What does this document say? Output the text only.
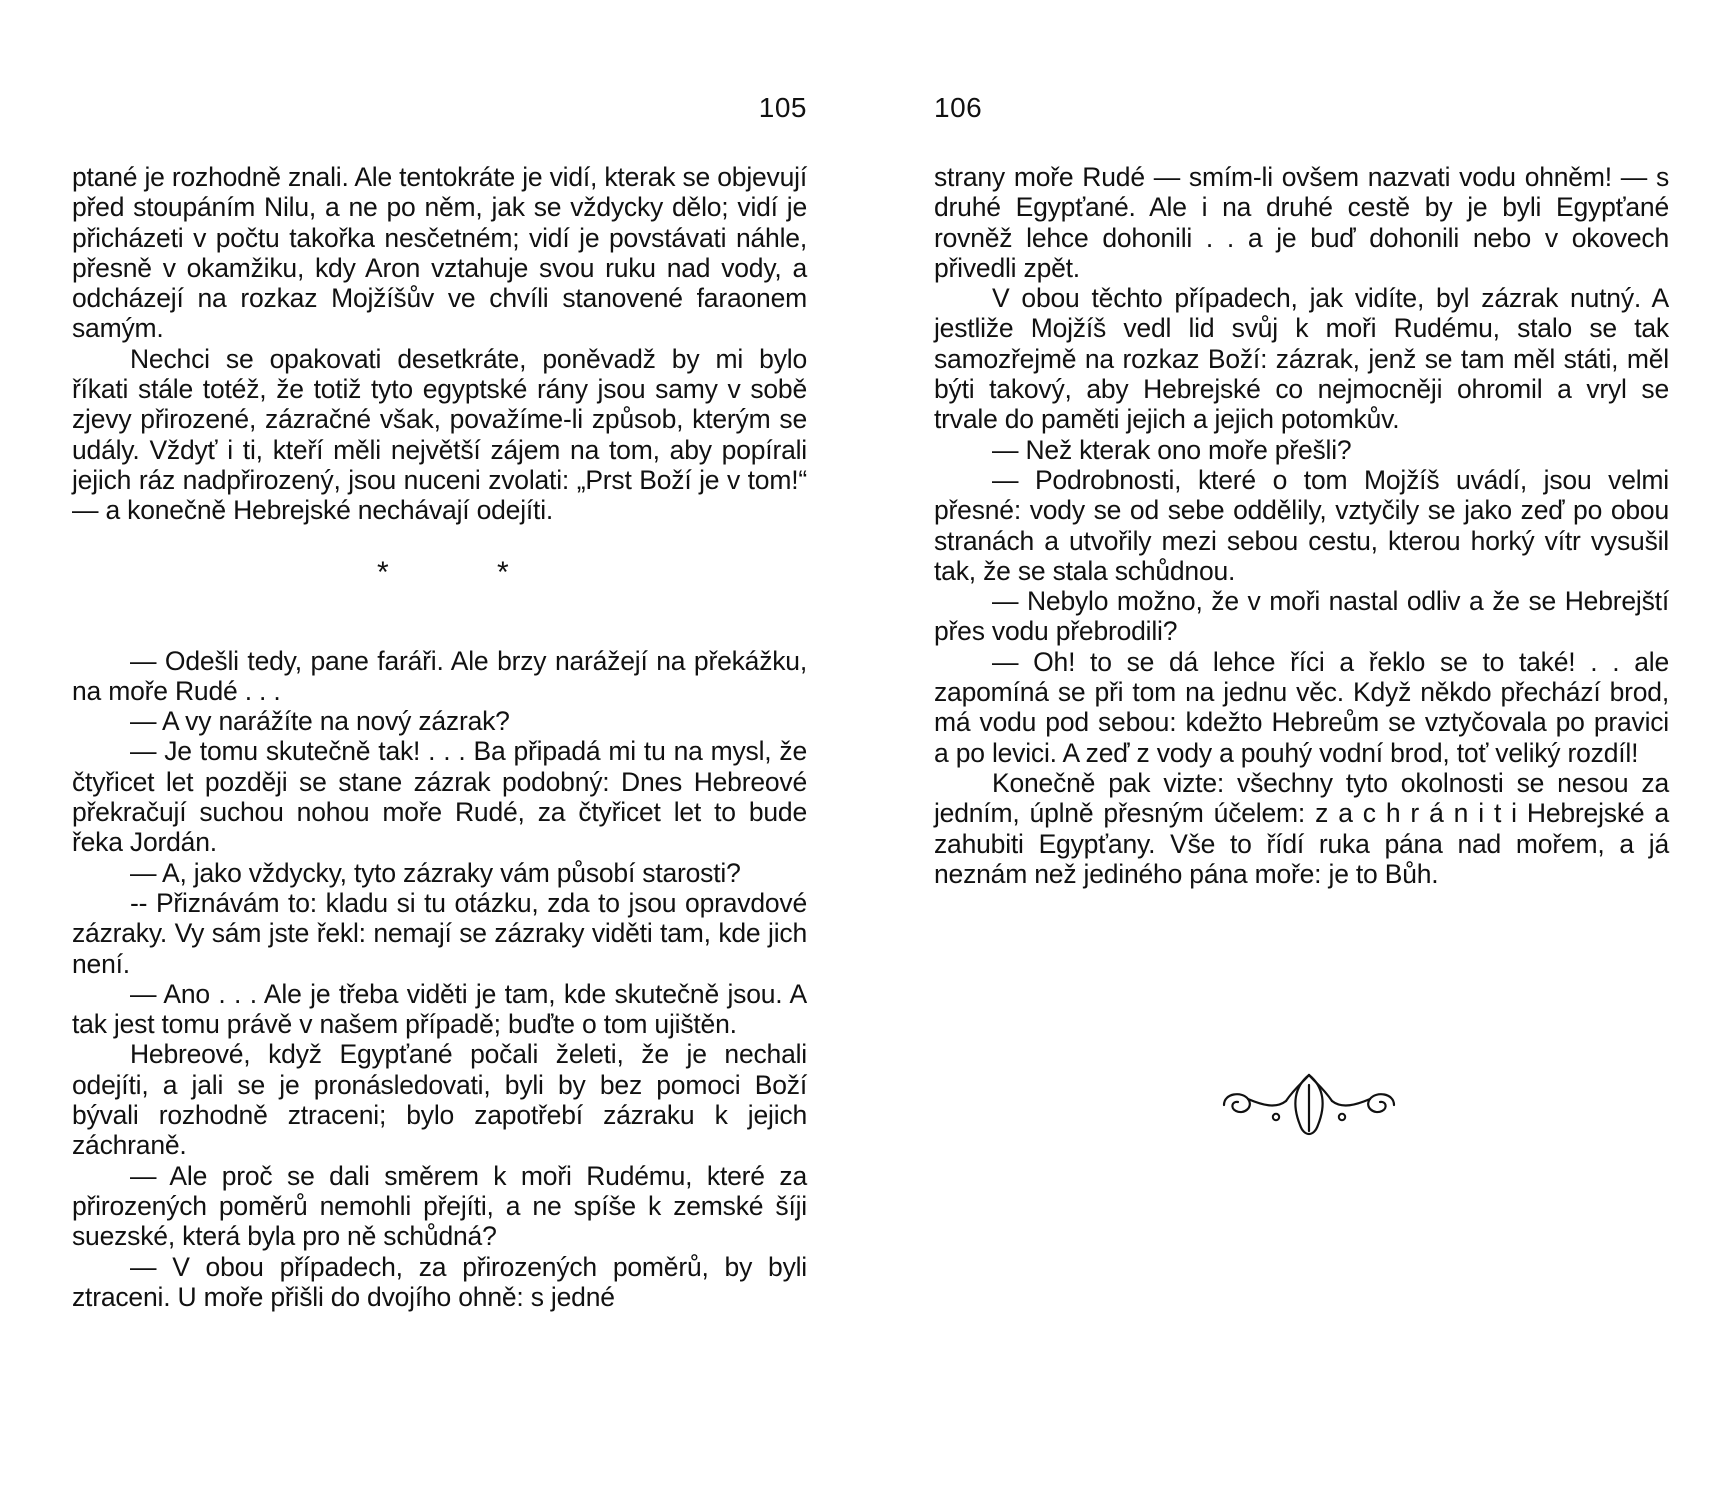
105

ptané je rozhodně znali. Ale tentokráte je vidí, kterak se objevují před stoupáním Nilu, a ne po něm, jak se vždycky dělo; vidí je přicházeti v počtu takořka nesčetném; vidí je povstávati náhle, přesně v okamžiku, kdy Aron vztahuje svou ruku nad vody, a odcházejí na rozkaz Mojžíšův ve chvíli stanovené faraonem samým.

Nechci se opakovati desetkráte, poněvadž by mi bylo říkati stále totéž, že totiž tyto egyptské rány jsou samy v sobě zjevy přirozené, zázračné však, považíme-li způsob, kterým se udály. Vždyť i ti, kteří měli největší zájem na tom, aby popírali jejich ráz nadpřirozený, jsou nuceni zvolati: „Prst Boží je v tom!“ — a konečně Hebrejské nechávají odejíti.

*	*

— Odešli tedy, pane faráři. Ale brzy narážejí na překážku, na moře Rudé . . .

— A vy narážíte na nový zázrak?

— Je tomu skutečně tak! . . . Ba připadá mi tu na mysl, že čtyřicet let později se stane zázrak podobný: Dnes Hebreové překračují suchou nohou moře Rudé, za čtyřicet let to bude řeka Jordán.

— A, jako vždycky, tyto zázraky vám působí starosti?

-- Přiznávám to: kladu si tu otázku, zda to jsou opravdové zázraky. Vy sám jste řekl: nemají se zázraky viděti tam, kde jich není.

— Ano . . . Ale je třeba viděti je tam, kde skutečně jsou. A tak jest tomu právě v našem případě; buďte o tom ujištěn.

Hebreové, když Egypťané počali želeti, že je nechali odejíti, a jali se je pronásledovati, byli by bez pomoci Boží bývali rozhodně ztraceni; bylo zapotřebí zázraku k jejich záchraně.

— Ale proč se dali směrem k moři Rudému, které za přirozených poměrů nemohli přejíti, a ne spíše k zemské šíji suezské, která byla pro ně schůdná?

— V obou případech, za přirozených poměrů, by byli ztraceni. U moře přišli do dvojího ohně: s jedné

106

strany moře Rudé — smím-li ovšem nazvati vodu ohněm! — s druhé Egypťané. Ale i na druhé cestě by je byli Egypťané rovněž lehce dohonili . . a je buď dohonili nebo v okovech přivedli zpět.

V obou těchto případech, jak vidíte, byl zázrak nutný. A jestliže Mojžíš vedl lid svůj k moři Rudému, stalo se tak samozřejmě na rozkaz Boží: zázrak, jenž se tam měl státi, měl býti takový, aby Hebrejské co nejmocněji ohromil a vryl se trvale do paměti jejich a jejich potomkův.

— Než kterak ono moře přešli?

— Podrobnosti, které o tom Mojžíš uvádí, jsou velmi přesné: vody se od sebe oddělily, vztyčily se jako zeď po obou stranách a utvořily mezi sebou cestu, kterou horký vítr vysušil tak, že se stala schůdnou.

— Nebylo možno, že v moři nastal odliv a že se Hebrejští přes vodu přebrodili?

— Oh! to se dá lehce říci a řeklo se to také! . . ale zapomíná se při tom na jednu věc. Když někdo přechází brod, má vodu pod sebou: kdežto Hebreům se vztyčovala po pravici a po levici. A zeď z vody a pouhý vodní brod, toť veliký rozdíl!

Konečně pak vizte: všechny tyto okolnosti se nesou za jedním, úplně přesným účelem: z a c h r á n i t i Hebrejské a zahubiti Egypťany. Vše to řídí ruka pána nad mořem, a já neznám než jediného pána moře: je to Bůh.
